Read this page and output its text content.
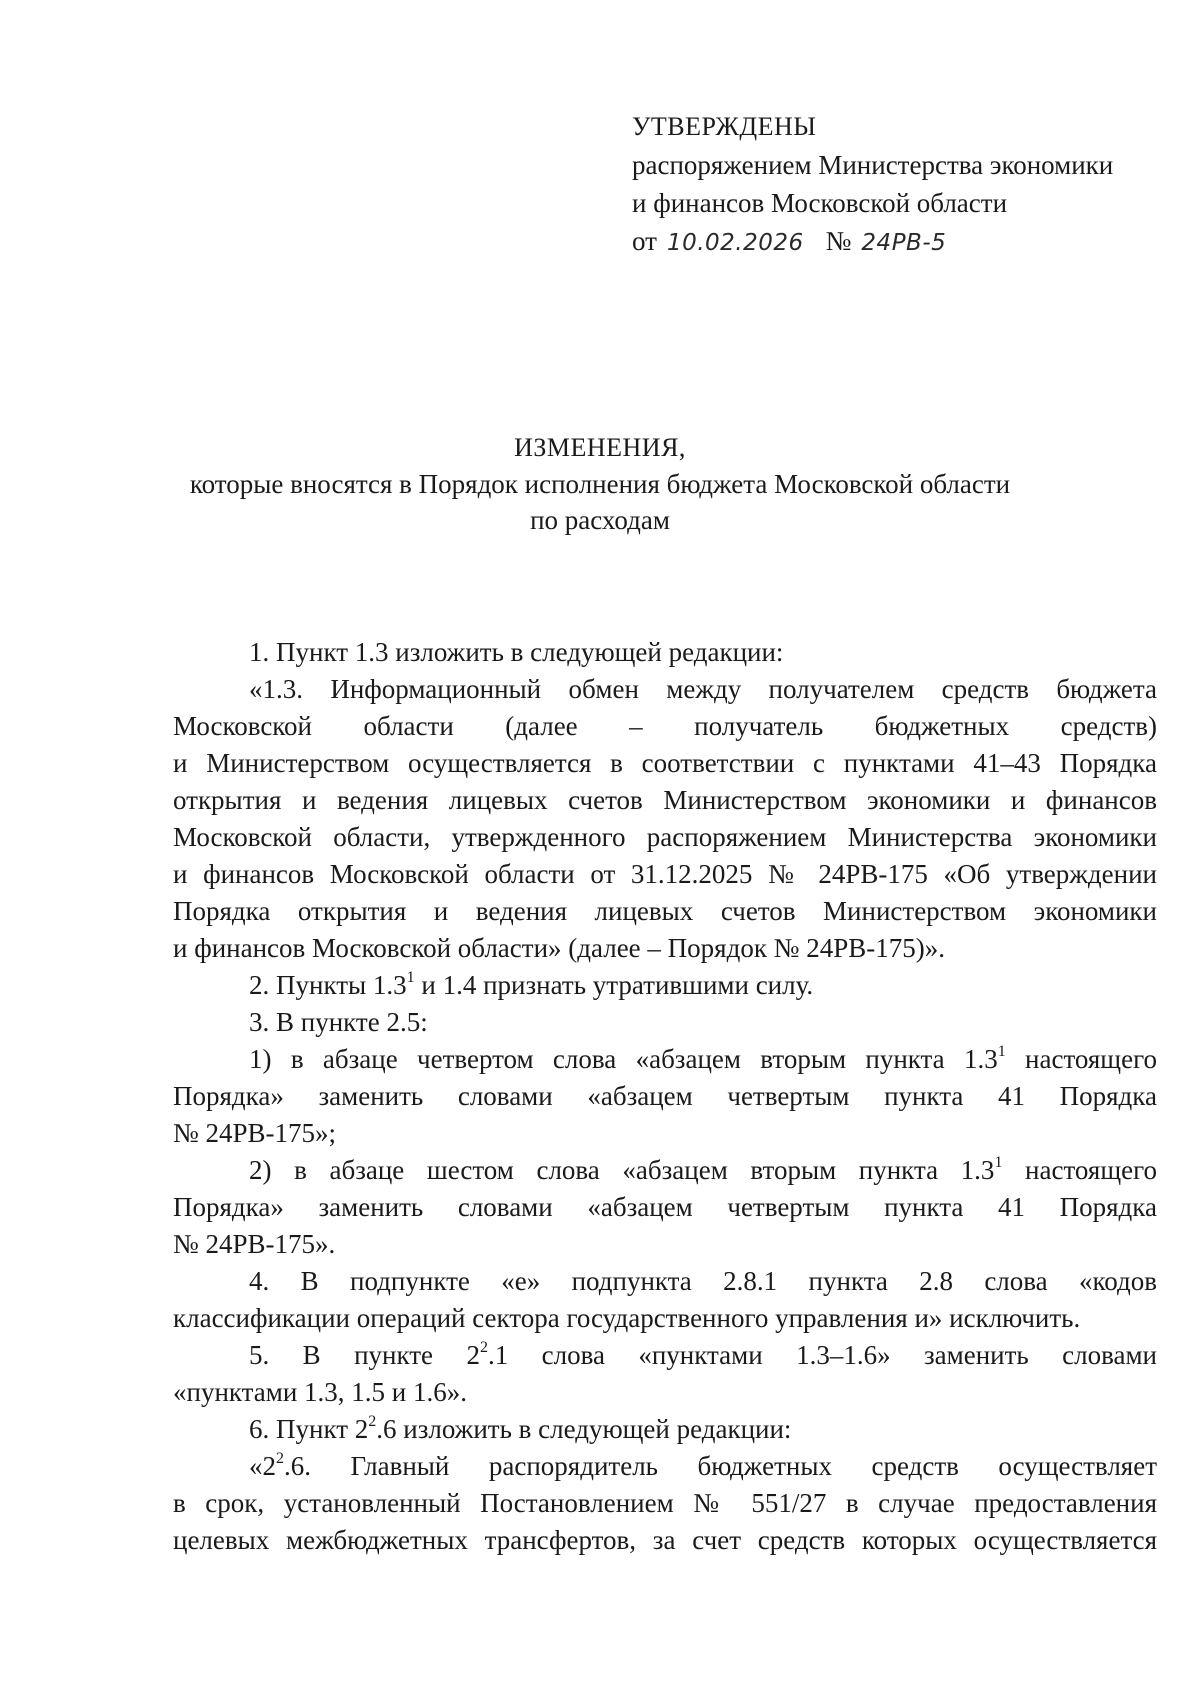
УТВЕРЖДЕНЫ
распоряжением Министерства экономики
и финансов Московской области
от 10.02.2026 № 24РВ-5
ИЗМЕНЕНИЯ,
которые вносятся в Порядок исполнения бюджета Московской области
по расходам

1. Пункт 1.3 изложить в следующей редакции:

«1.3. Информационный обмен между получателем средств бюджета

Московской области (далее – получатель бюджетных средств)

и Министерством осуществляется в соответствии с пунктами 41–43 Порядка

открытия и ведения лицевых счетов Министерством экономики и финансов

Московской области, утвержденного распоряжением Министерства экономики

и финансов Московской области от 31.12.2025 № 24РВ-175 «Об утверждении

Порядка открытия и ведения лицевых счетов Министерством экономики

и финансов Московской области» (далее – Порядок № 24РВ-175)».

2. Пункты $1.3^1$ и 1.4 признать утратившими силу.

3. В пункте 2.5:

1) в абзаце четвертом слова «абзацем вторым пункта $1.3^1$ настоящего

Порядка» заменить словами «абзацем четвертым пункта 41 Порядка

№ 24РВ-175»;

2) в абзаце шестом слова «абзацем вторым пункта $1.3^1$ настоящего

Порядка» заменить словами «абзацем четвертым пункта 41 Порядка

№ 24РВ-175».

4. В подпункте «е» подпункта 2.8.1 пункта 2.8 слова «кодов

классификации операций сектора государственного управления и» исключить.

5. В пункте $2^2.1$ слова «пунктами 1.3–1.6» заменить словами

«пунктами 1.3, 1.5 и 1.6».

6. Пункт $2^2.6$ изложить в следующей редакции:

«$2^2.6$. Главный распорядитель бюджетных средств осуществляет

в срок, установленный Постановлением № 551/27 в случае предоставления

целевых межбюджетных трансфертов, за счет средств которых осуществляется
